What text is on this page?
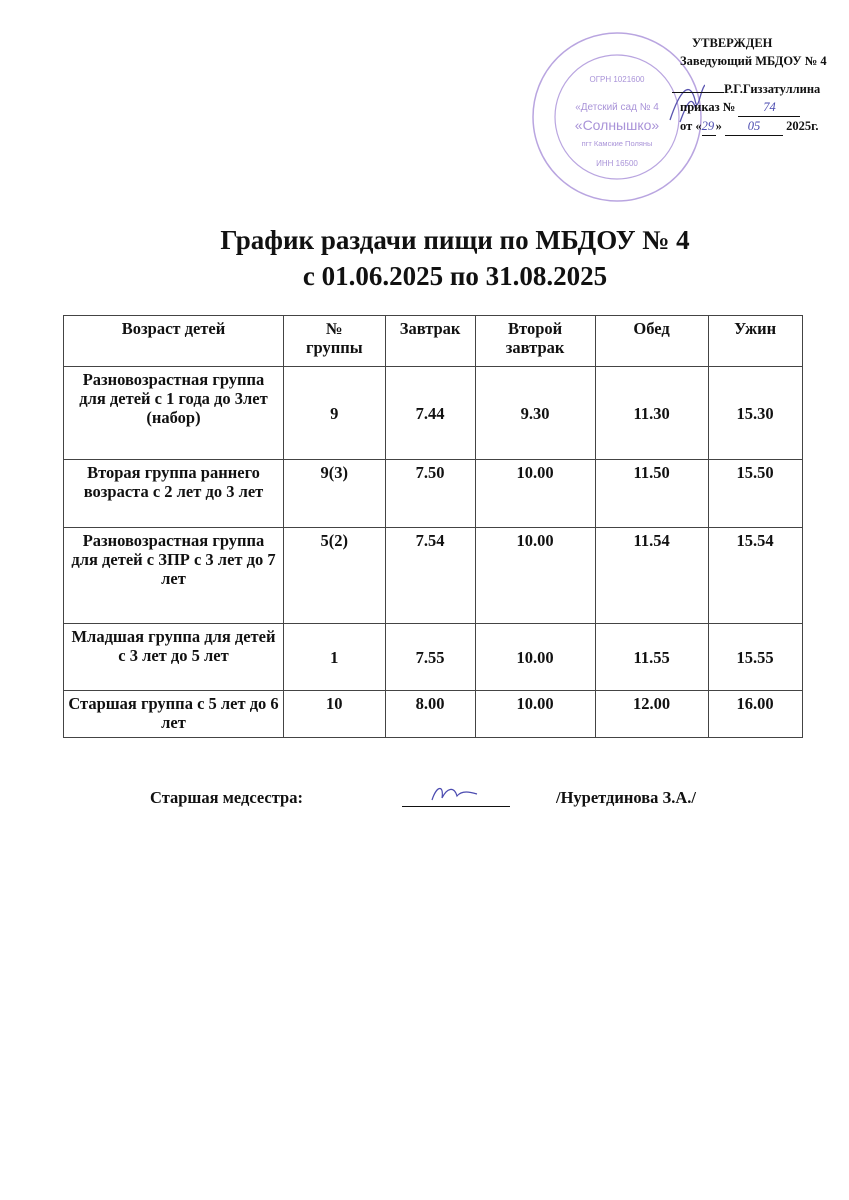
ОГРН 1021600
«Детский сад № 4
«Солнышко»
пгт Камские Поляны
ИНН 16500
УТВЕРЖДЕН
Заведующий МБДОУ № 4
Р.Г.Гиззатуллина
приказ № 74
от «29 » 05 2025г.
График раздачи пищи по МБДОУ № 4
с 01.06.2025 по 31.08.2025
Возраст детей	№ группы	Завтрак	Второй завтрак	Обед	Ужин
Разновозрастная группа для детей с 1 года до 3лет (набор)	9	7.44	9.30	11.30	15.30
Вторая группа раннего возраста с 2 лет до 3 лет	9(3)	7.50	10.00	11.50	15.50
Разновозрастная группа для детей с ЗПР с 3 лет до 7 лет	5(2)	7.54	10.00	11.54	15.54
Младшая группа для детей с 3 лет до 5 лет	1	7.55	10.00	11.55	15.55
Старшая группа с 5 лет до 6 лет	10	8.00	10.00	12.00	16.00
Старшая медсестра:	/Нуретдинова З.А./
